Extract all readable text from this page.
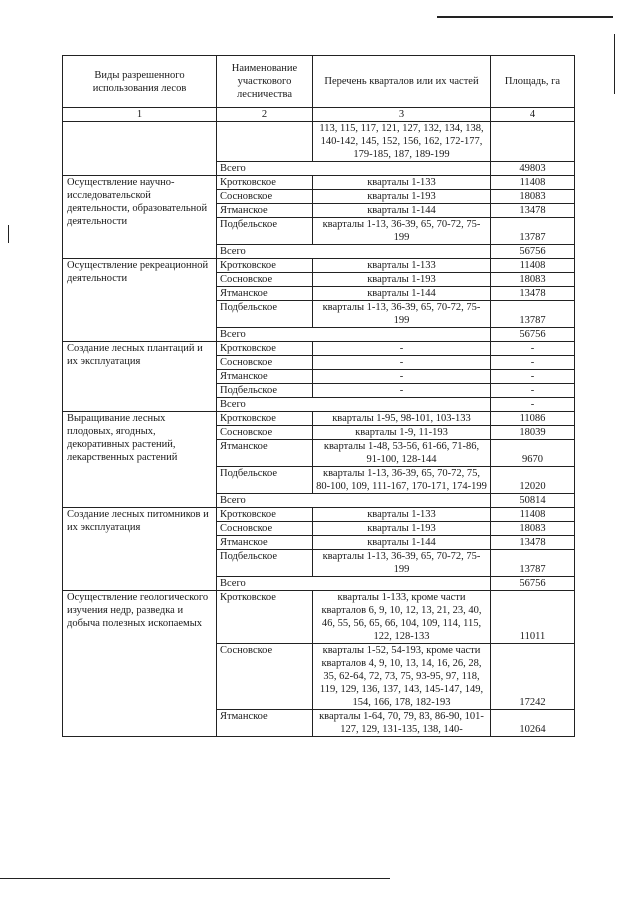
Виды разрешенного использования лесов	Наименование участкового лесничества	Перечень кварталов или их частей	Площадь, га
1	2	3	4
		113, 115, 117, 121, 127, 132, 134, 138, 140-142, 145, 152, 156, 162, 172-177, 179-185, 187, 189-199	
	Всего		49803
Осуществление научно-исследовательской деятельности, образовательной деятельности	Кротковское	кварталы 1-133	11408
	Сосновское	кварталы 1-193	18083
	Ятманское	кварталы 1-144	13478
	Подбельское	кварталы 1-13, 36-39, 65, 70-72, 75-199	13787
	Всего		56756
Осуществление рекреационной деятельности	Кротковское	кварталы 1-133	11408
	Сосновское	кварталы 1-193	18083
	Ятманское	кварталы 1-144	13478
	Подбельское	кварталы 1-13, 36-39, 65, 70-72, 75-199	13787
	Всего		56756
Создание лесных плантаций и их эксплуатация	Кротковское	-	-
	Сосновское	-	-
	Ятманское	-	-
	Подбельское	-	-
	Всего		-
Выращивание лесных плодовых, ягодных, декоративных растений, лекарственных растений	Кротковское	кварталы 1-95, 98-101, 103-133	11086
	Сосновское	кварталы 1-9, 11-193	18039
	Ятманское	кварталы 1-48, 53-56, 61-66, 71-86, 91-100, 128-144	9670
	Подбельское	кварталы 1-13, 36-39, 65, 70-72, 75, 80-100, 109, 111-167, 170-171, 174-199	12020
	Всего		50814
Создание лесных питомников и их эксплуатация	Кротковское	кварталы 1-133	11408
	Сосновское	кварталы 1-193	18083
	Ятманское	кварталы 1-144	13478
	Подбельское	кварталы 1-13, 36-39, 65, 70-72, 75-199	13787
	Всего		56756
Осуществление геологического изучения недр, разведка и добыча полезных ископаемых	Кротковское	кварталы 1-133, кроме части кварталов 6, 9, 10, 12, 13, 21, 23, 40, 46, 55, 56, 65, 66, 104, 109, 114, 115, 122, 128-133	11011
	Сосновское	кварталы 1-52, 54-193, кроме части кварталов 4, 9, 10, 13, 14, 16, 26, 28, 35, 62-64, 72, 73, 75, 93-95, 97, 118, 119, 129, 136, 137, 143, 145-147, 149, 154, 166, 178, 182-193	17242
	Ятманское	кварталы 1-64, 70, 79, 83, 86-90, 101-127, 129, 131-135, 138, 140-	10264
